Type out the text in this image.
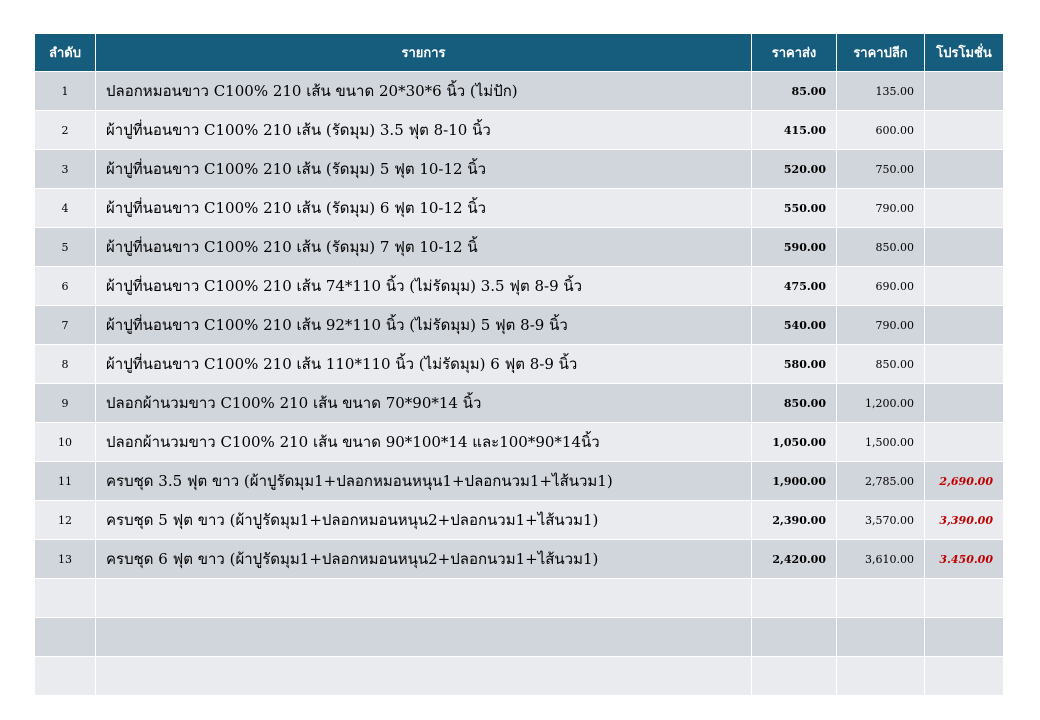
ลำดับ	รายการ	ราคาส่ง	ราคาปลีก	โปรโมชั่น
1	ปลอกหมอนขาว C100% 210 เส้น ขนาด 20*30*6 นิ้ว (ไม่ปัก)	85.00	135.00	
2	ผ้าปูที่นอนขาว C100% 210 เส้น (รัดมุม) 3.5 ฟุต 8-10 นิ้ว	415.00	600.00	
3	ผ้าปูที่นอนขาว C100% 210 เส้น (รัดมุม) 5 ฟุต 10-12 นิ้ว	520.00	750.00	
4	ผ้าปูที่นอนขาว C100% 210 เส้น (รัดมุม) 6 ฟุต 10-12 นิ้ว	550.00	790.00	
5	ผ้าปูที่นอนขาว C100% 210 เส้น (รัดมุม) 7 ฟุต 10-12 นิ้	590.00	850.00	
6	ผ้าปูที่นอนขาว C100% 210 เส้น 74*110 นิ้ว (ไม่รัดมุม) 3.5 ฟุต 8-9 นิ้ว	475.00	690.00	
7	ผ้าปูที่นอนขาว C100% 210 เส้น 92*110 นิ้ว (ไม่รัดมุม) 5 ฟุต 8-9 นิ้ว	540.00	790.00	
8	ผ้าปูที่นอนขาว C100% 210 เส้น 110*110 นิ้ว (ไม่รัดมุม) 6 ฟุต 8-9 นิ้ว	580.00	850.00	
9	ปลอกผ้านวมขาว C100% 210 เส้น ขนาด 70*90*14 นิ้ว	850.00	1,200.00	
10	ปลอกผ้านวมขาว C100% 210 เส้น ขนาด 90*100*14 และ100*90*14นิ้ว	1,050.00	1,500.00	
11	ครบชุด 3.5 ฟุต ขาว (ผ้าปูรัดมุม1+ปลอกหมอนหนุน1+ปลอกนวม1+ไส้นวม1)	1,900.00	2,785.00	2,690.00
12	ครบชุด 5 ฟุต ขาว (ผ้าปูรัดมุม1+ปลอกหมอนหนุน2+ปลอกนวม1+ไส้นวม1)	2,390.00	3,570.00	3,390.00
13	ครบชุด 6 ฟุต ขาว (ผ้าปูรัดมุม1+ปลอกหมอนหนุน2+ปลอกนวม1+ไส้นวม1)	2,420.00	3,610.00	3.450.00
